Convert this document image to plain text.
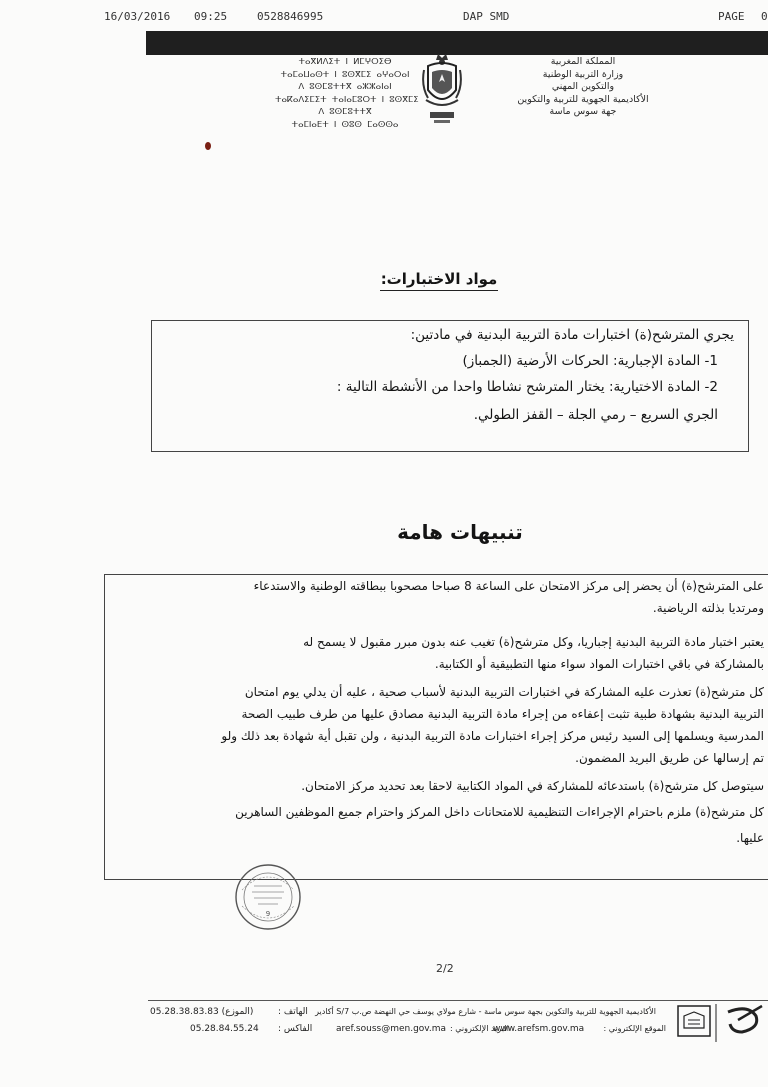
16/03/2016 09:25	0528846995	DAP SMD	PAGE 0
المملكة المغربية
وزارة التربية الوطنية
والتكوين المهني
الأكاديمية الجهوية للتربية والتكوين
جهة سوس ماسة
ⵜⴰⴳⵍⴷⵉⵜ ⵏ ⵍⵎⵖⵔⵉⴱ
ⵜⴰⵎⴰⵡⴰⵙⵜ ⵏ ⵓⵙⴳⵎⵉ ⴰⵖⴰⵔⴰⵏ
ⴷ ⵓⵙⵎⵓⵜⵜⴳ ⴰⵣⵣⴰⵏⴰⵏ
ⵜⴰⴽⴰⴷⵉⵎⵉⵜ ⵜⴰⵏⴰⵎⵓⵔⵜ ⵏ ⵓⵙⴳⵎⵉ
ⴷ ⵓⵙⵎⵓⵜⵜⴳ
ⵜⴰⵎⵏⴰⴹⵜ ⵏ ⵙⵓⵙ ⵎⴰⵙⵙⴰ
مواد الاختبارات:
يجري المترشح(ة) اختبارات مادة التربية البدنية في مادتين:
1- المادة الإجبارية: الحركات الأرضية (الجمباز)
2- المادة الاختيارية: يختار المترشح نشاطا واحدا من الأنشطة التالية :
الجري السريع – رمي الجلة – القفز الطولي.
تنبيهات هامة
على المترشح(ة) أن يحضر إلى مركز الامتحان على الساعة 8 صباحا مصحوبا ببطاقته الوطنية والاستدعاء
ومرتديا بذلته الرياضية.
يعتبر اختبار مادة التربية البدنية إجباريا، وكل مترشح(ة) تغيب عنه بدون مبرر مقبول لا يسمح له
بالمشاركة في باقي اختبارات المواد سواء منها التطبيقية أو الكتابية.
كل مترشح(ة) تعذرت عليه المشاركة في اختبارات التربية البدنية لأسباب صحية ، عليه أن يدلي يوم امتحان
التربية البدنية بشهادة طبية تثبت إعفاءه من إجراء مادة التربية البدنية مصادق عليها من طرف طبيب الصحة
المدرسية ويسلمها إلى السيد رئيس مركز إجراء اختبارات مادة التربية البدنية ، ولن تقبل أية شهادة بعد ذلك ولو
تم إرسالها عن طريق البريد المضمون.
سيتوصل كل مترشح(ة) باستدعائه للمشاركة في المواد الكتابية لاحقا بعد تحديد مركز الامتحان.
كل مترشح(ة) ملزم باحترام الإجراءات التنظيمية للامتحانات داخل المركز واحترام جميع الموظفين الساهرين
عليها.
9
2/2
الأكاديمية الجهوية للتربية والتكوين بجهة سوس ماسة - شارع مولاي يوسف حي النهضة ص.ب 7/S أكادير
الهاتف :
05.28.38.83.83 (الموزع)
الموقع الإلكتروني :
www.arefsm.gov.ma
البريد الإلكتروني :
aref.souss@men.gov.ma
الفاكس :
05.28.84.55.24
